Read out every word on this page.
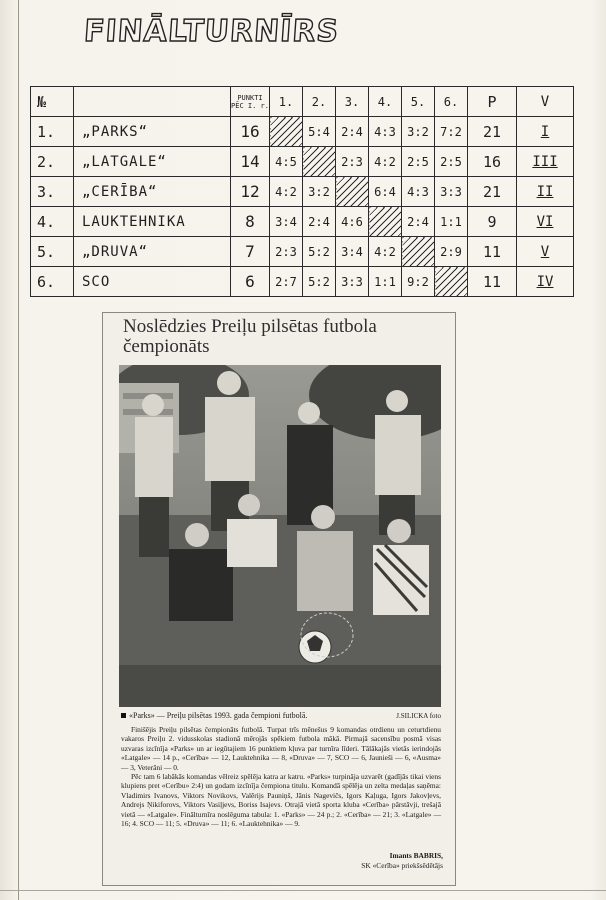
FINĀLTURNĪRS
№		PUNKTI PĒC I. r.	1.	2.	3.	4.	5.	6.	P	V
1.	„PARKS“	16		5:4	2:4	4:3	3:2	7:2	21	I
2.	„LATGALE“	14	4:5		2:3	4:2	2:5	2:5	16	III
3.	„CERĪBA“	12	4:2	3:2		6:4	4:3	3:3	21	II
4.	LAUKTEHNIKA	8	3:4	2:4	4:6		2:4	1:1	9	VI
5.	„DRUVA“	7	2:3	5:2	3:4	4:2		2:9	11	V
6.	SCO	6	2:7	5:2	3:3	1:1	9:2		11	IV
Noslēdzies Preiļu pilsētas futbola čempionāts
«Parks» — Preiļu pilsētas 1993. gada čempioni futbolā.	J.SILICKA foto

Finišējis Preiļu pilsētas čempionāts futbolā. Turpat trīs mēnešus 9 komandas otrdienu un ceturtdienu vakaros Preiļu 2. vidusskolas stadionā mērojās spēkiem futbola mākā. Pirmajā sacensību posmā visas uzvaras izcīnīja «Parks» un ar iegūtajiem 16 punktiem kļuva par turnīra līderi. Tālākajās vietās ierindojās «Latgale» — 14 p., «Cerība» — 12, Lauktehnika — 8, «Druva» — 7, SCO — 6, Jaunieši — 6, «Ausma» — 3, Veterāni — 0.

Pēc tam 6 labākās komandas vēlreiz spēlēja katra ar katru. «Parks» turpināja uzvarēt (gadījās tikai viens klupiens pret «Cerību» 2:4) un godam izcīnīja čempiona titulu. Komandā spēlēja un zelta medaļas saņēma: Vladimirs Ivanovs, Viktors Novikovs, Valērijs Pauniņš, Jānis Nagevičs, Igors Kaļuga, Igors Jakovļevs, Andrejs Ņikiforovs, Viktors Vasiļjevs, Boriss Isajevs. Otrajā vietā sporta kluba «Cerība» pārstāvji, trešajā vietā — «Latgale». Finālturnīra noslēguma tabula: 1. «Parks» — 24 p.; 2. «Cerība» — 21; 3. «Latgale» — 16; 4. SCO — 11; 5. «Druva» — 11; 6. «Lauktehnika» — 9.

Imants BABRIS,
SK «Cerība» priekšsēdētājs
